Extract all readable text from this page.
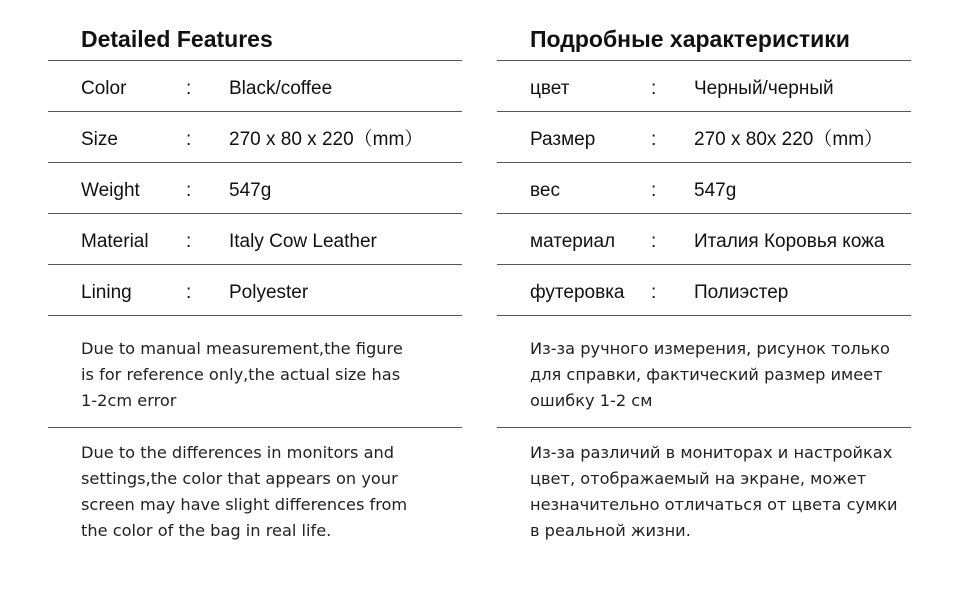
Detailed Features
Color	: Black/coffee
Size	: 270 x 80 x 220（mm）
Weight : 547g
Material : Italy Cow Leather
Lining	: Polyester

Due to manual measurement,the figure

is for reference only,the actual size has

1-2cm error

Due to the differences in monitors and

settings,the color that appears on your

screen may have slight differences from

the color of the bag in real life.

Подробные характеристики
цвет	: Черный/черный
Размер	: 270 x 80x 220（mm）
вес	: 547g
материал : Италия Коровья кожа
футеровка : Полиэстер

Из-за ручного измерения, рисунок только

для справки, фактический размер имеет

ошибку 1-2 см

Из-за различий в мониторах и настройках

цвет, отображаемый на экране, может

незначительно отличаться от цвета сумки

в реальной жизни.
